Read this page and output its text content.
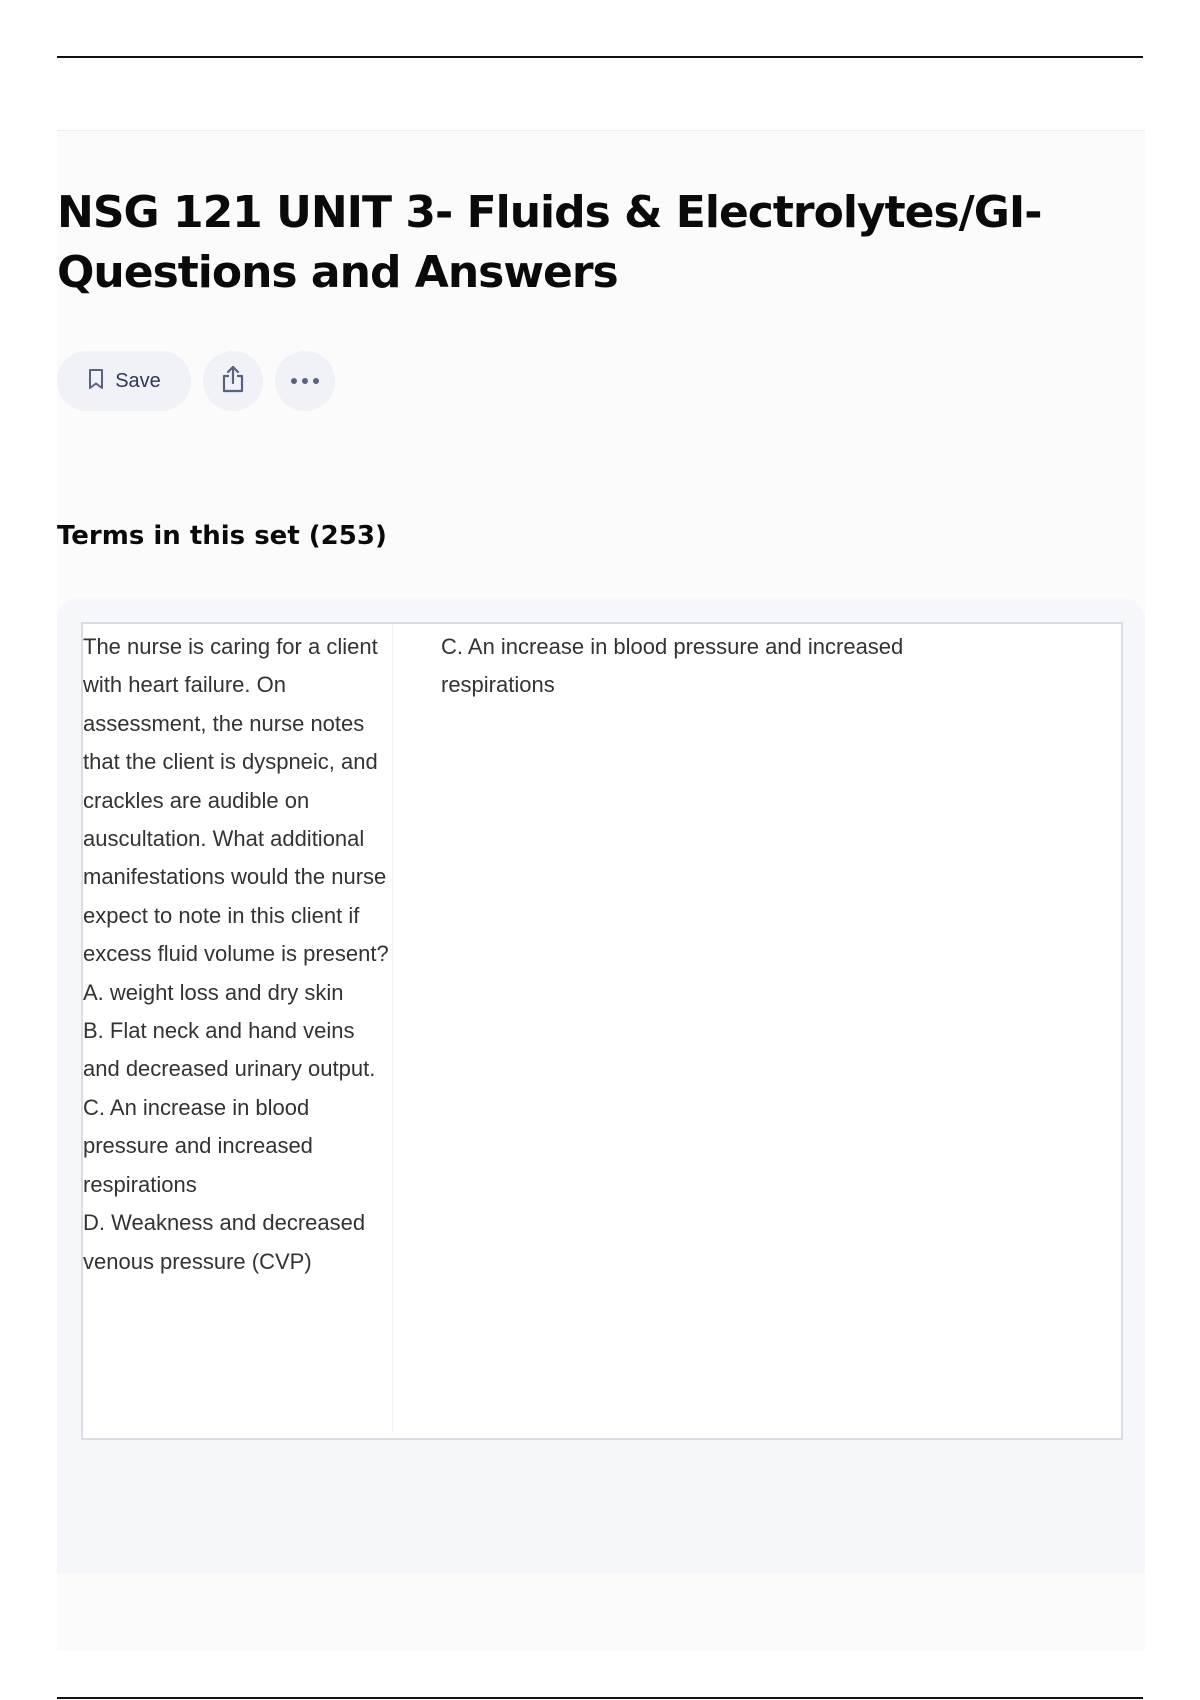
NSG 121 UNIT 3- Fluids & Electrolytes/GI- Questions and Answers
Save
Terms in this set (253)
The nurse is caring for a client with heart failure. On assessment, the nurse notes that the client is dyspneic, and crackles are audible on auscultation. What additional manifestations would the nurse expect to note in this client if excess fluid volume is present?
A. weight loss and dry skin
B. Flat neck and hand veins and decreased urinary output.
C. An increase in blood pressure and increased respirations
D. Weakness and decreased venous pressure (CVP)
C. An increase in blood pressure and increased respirations
